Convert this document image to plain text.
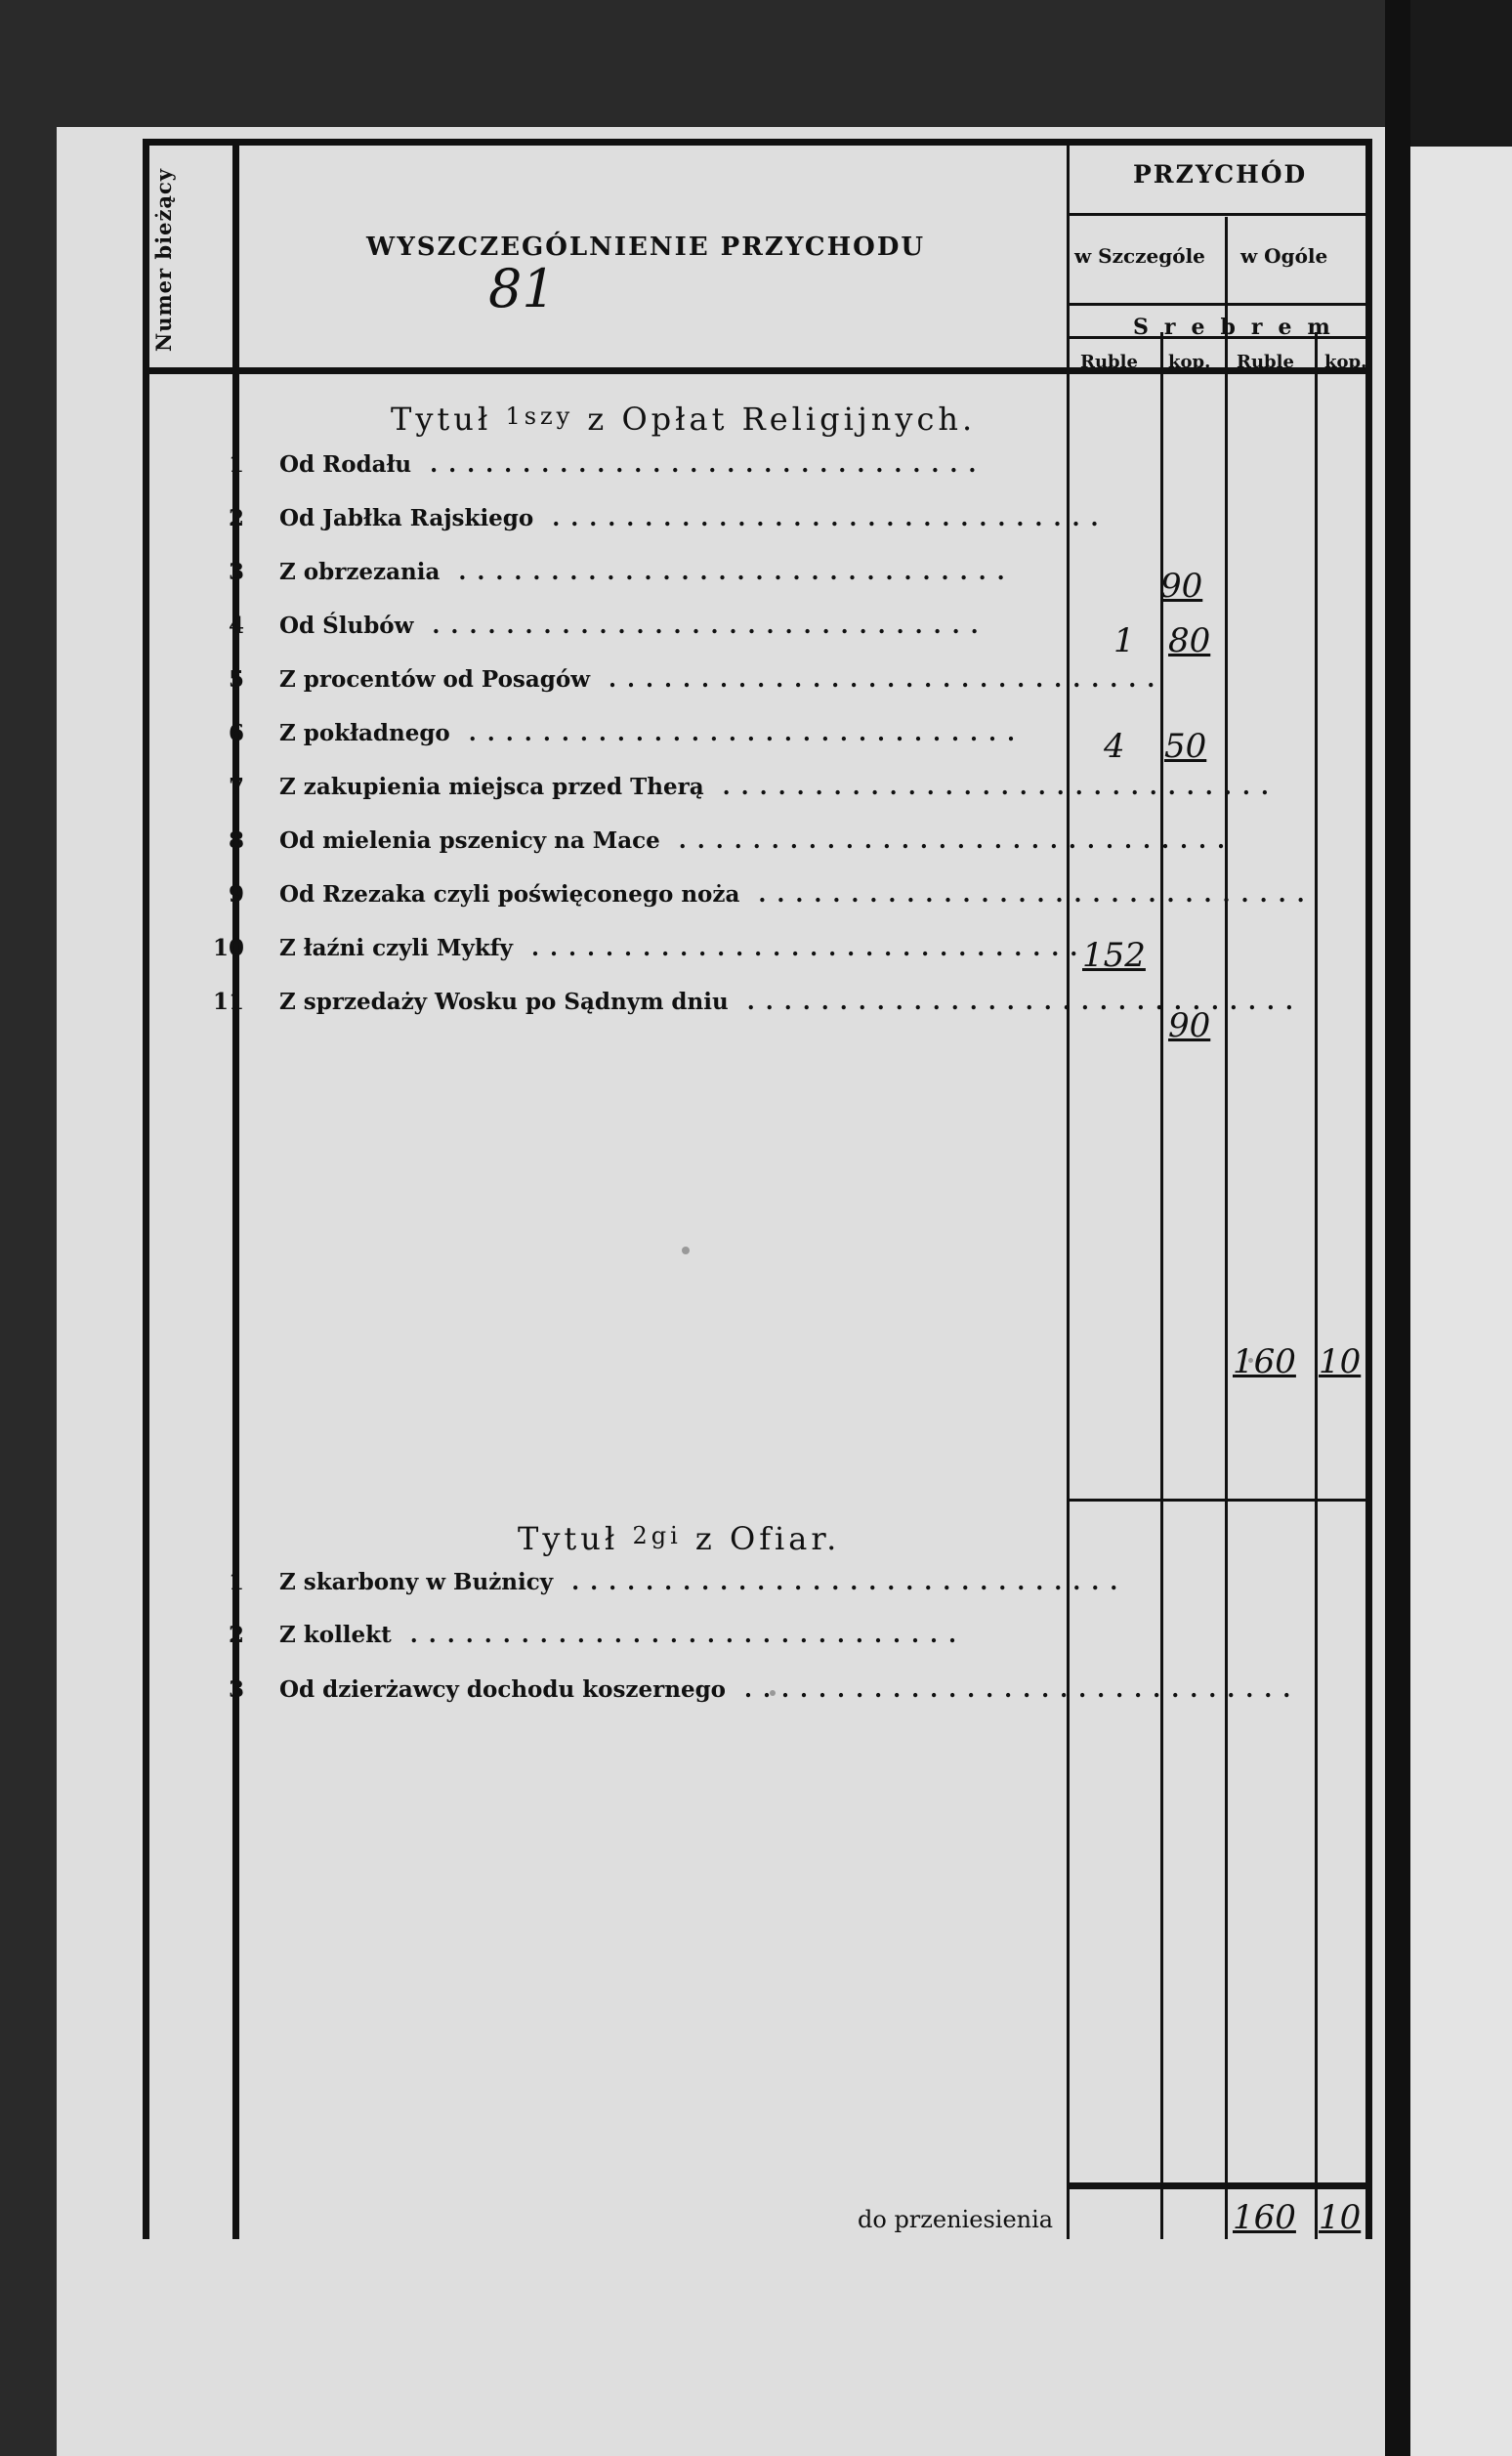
Numer bieżący	WYSZCZEGÓLNIENIE PRZYCHODU
81
PRZYCHÓD
w Szczególe w Ogóle
Srebrem
Ruble kop. Ruble kop.
Tytuł 1szy z Opłat Religijnych.
1 Od Rodału ..............................
2 Od Jabłka Rajskiego ..............................
3 Z obrzezania ..............................
4 Od Ślubów ..............................
5 Z procentów od Posagów ..............................
6 Z pokładnego ..............................
7 Z zakupienia miejsca przed Therą ..............................
8 Od mielenia pszenicy na Mace ..............................
9 Od Rzezaka czyli poświęconego noża ..............................
10 Z łaźni czyli Mykfy ..............................
11 Z sprzedaży Wosku po Sądnym dniu ..............................
90
1 80
4 50
152
90
160 10
Tytuł 2gi z Ofiar.
1 Z skarbony w Bużnicy ..............................
2 Z kollekt ..............................
3 Od dzierżawcy dochodu koszernego ..............................
do przeniesienia	160 10
